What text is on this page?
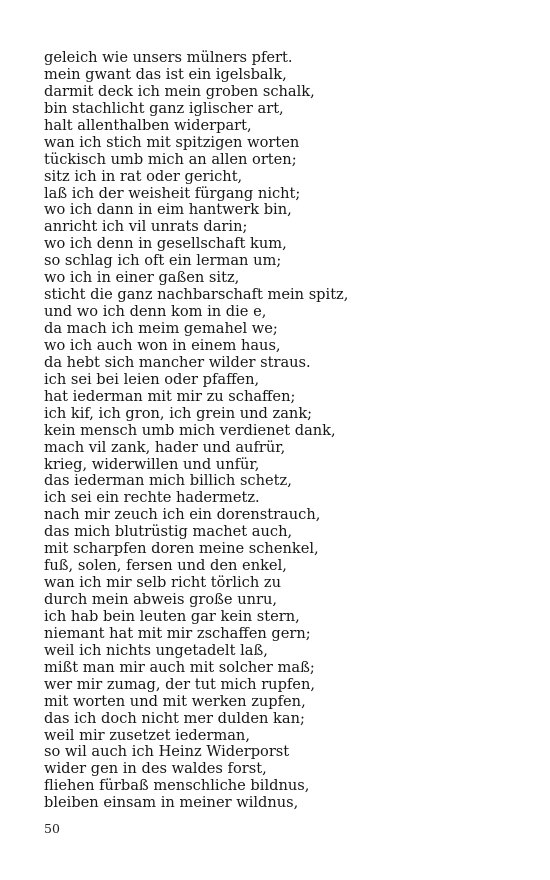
geleich wie unsers mülners pfert.
mein gwant das ist ein igelsbalk,
darmit deck ich mein groben schalk,
bin stachlicht ganz iglischer art,
halt allenthalben widerpart,
wan ich stich mit spitzigen worten
tückisch umb mich an allen orten;
sitz ich in rat oder gericht,
laß ich der weisheit fürgang nicht;
wo ich dann in eim hantwerk bin,
anricht ich vil unrats darin;
wo ich denn in gesellschaft kum,
so schlag ich oft ein lerman um;
wo ich in einer gaßen sitz,
sticht die ganz nachbarschaft mein spitz,
und wo ich denn kom in die e,
da mach ich meim gemahel we;
wo ich auch won in einem haus,
da hebt sich mancher wilder straus.
ich sei bei leien oder pfaffen,
hat iederman mit mir zu schaffen;
ich kif, ich gron, ich grein und zank;
kein mensch umb mich verdienet dank,
mach vil zank, hader und aufrür,
krieg, widerwillen und unfür,
das iederman mich billich schetz,
ich sei ein rechte hadermetz.
nach mir zeuch ich ein dorenstrauch,
das mich blutrüstig machet auch,
mit scharpfen doren meine schenkel,
fuß, solen, fersen und den enkel,
wan ich mir selb richt törlich zu
durch mein abweis große unru,
ich hab bein leuten gar kein stern,
niemant hat mit mir zschaffen gern;
weil ich nichts ungetadelt laß,
mißt man mir auch mit solcher maß;
wer mir zumag, der tut mich rupfen,
mit worten und mit werken zupfen,
das ich doch nicht mer dulden kan;
weil mir zusetzet iederman,
so wil auch ich Heinz Widerporst
wider gen in des waldes forst,
fliehen fürbaß menschliche bildnus,
bleiben einsam in meiner wildnus,
50
